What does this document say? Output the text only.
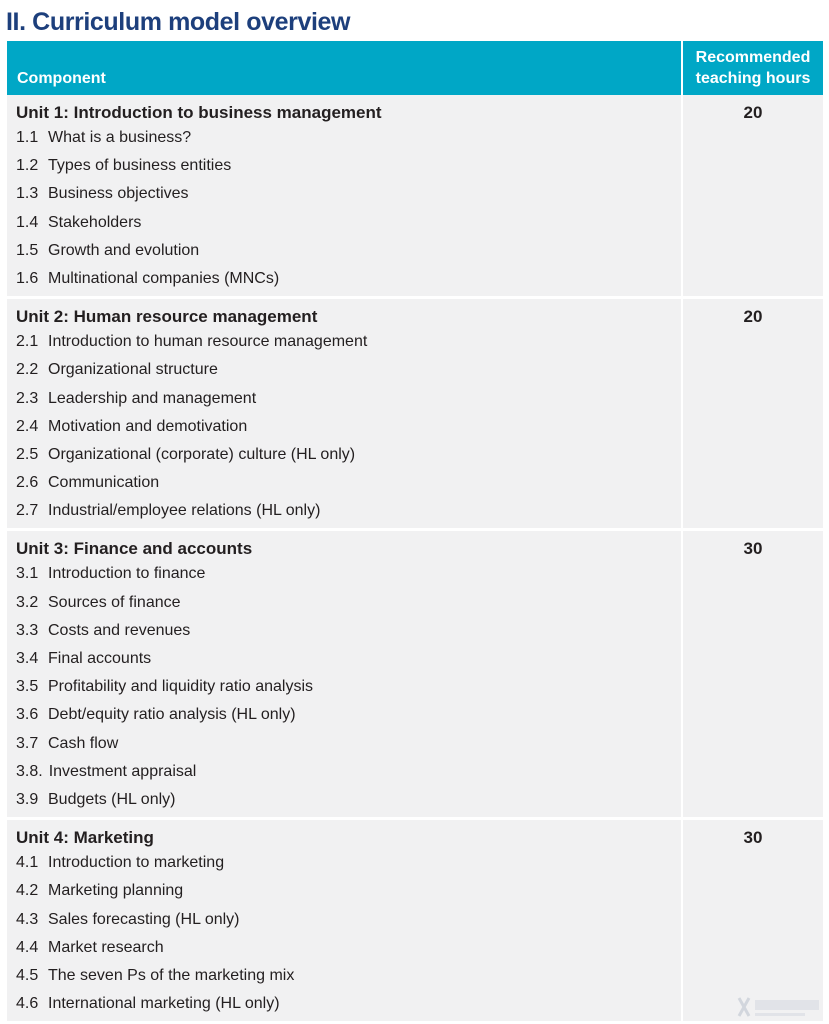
II. Curriculum model overview
Component
Recommended
teaching hours
Unit 1: Introduction to business management
1.1 What is a business?
1.2 Types of business entities
1.3 Business objectives
1.4 Stakeholders
1.5 Growth and evolution
1.6 Multinational companies (MNCs)
20
Unit 2: Human resource management
2.1 Introduction to human resource management
2.2 Organizational structure
2.3 Leadership and management
2.4 Motivation and demotivation
2.5 Organizational (corporate) culture (HL only)
2.6 Communication
2.7 Industrial/employee relations (HL only)
20
Unit 3: Finance and accounts
3.1 Introduction to finance
3.2 Sources of finance
3.3 Costs and revenues
3.4 Final accounts
3.5 Profitability and liquidity ratio analysis
3.6 Debt/equity ratio analysis (HL only)
3.7 Cash flow
3.8. Investment appraisal
3.9 Budgets (HL only)
30
Unit 4: Marketing
4.1 Introduction to marketing
4.2 Marketing planning
4.3 Sales forecasting (HL only)
4.4 Market research
4.5 The seven Ps of the marketing mix
4.6 International marketing (HL only)
30
